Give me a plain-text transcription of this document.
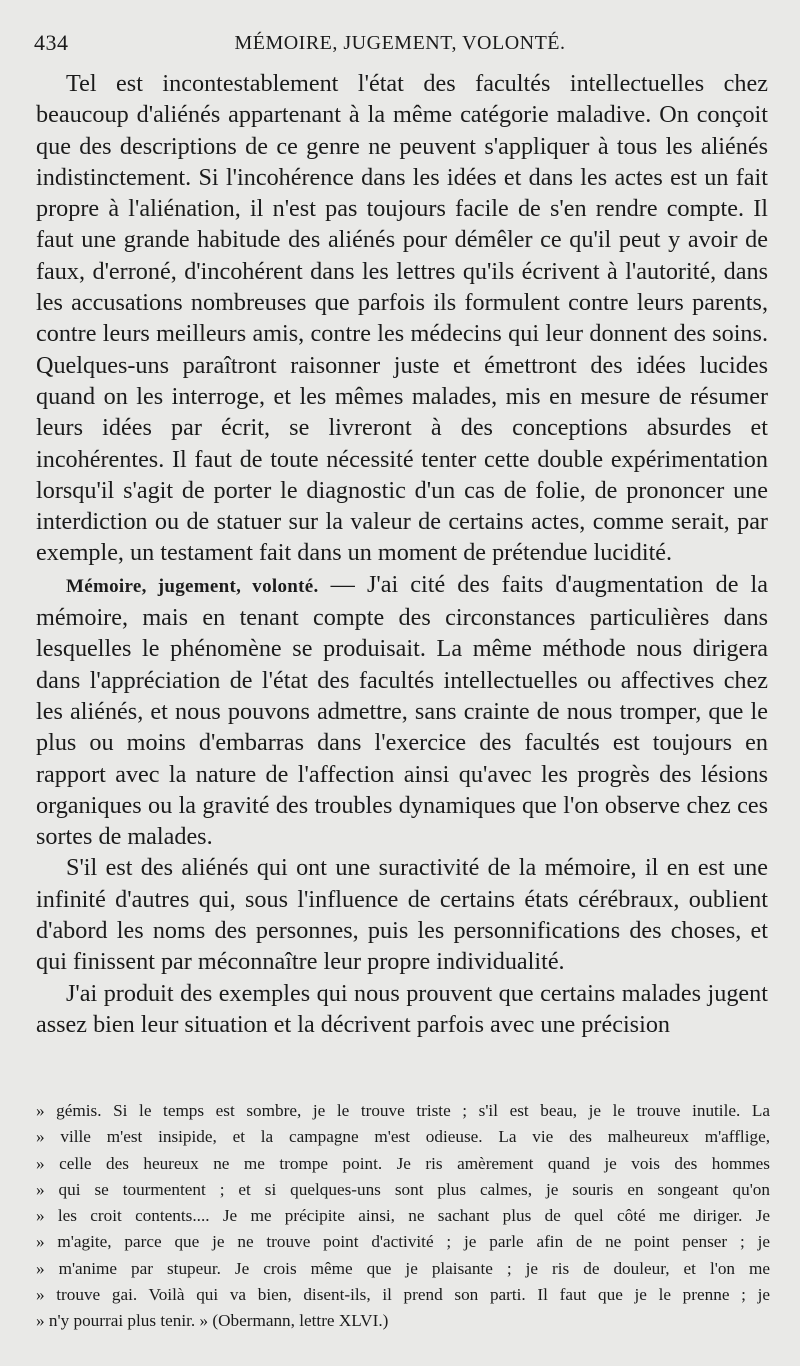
434	MÉMOIRE, JUGEMENT, VOLONTÉ.

Tel est incontestablement l'état des facultés intellectuelles chez beaucoup d'aliénés appartenant à la même catégorie maladive. On conçoit que des descriptions de ce genre ne peuvent s'appliquer à tous les aliénés indistinctement. Si l'incohérence dans les idées et dans les actes est un fait propre à l'aliénation, il n'est pas toujours facile de s'en rendre compte. Il faut une grande habitude des aliénés pour démêler ce qu'il peut y avoir de faux, d'erroné, d'incohérent dans les lettres qu'ils écrivent à l'autorité, dans les accusations nombreuses que parfois ils formulent contre leurs parents, contre leurs meilleurs amis, contre les médecins qui leur donnent des soins. Quelques-uns paraîtront raisonner juste et émettront des idées lucides quand on les interroge, et les mêmes malades, mis en mesure de résumer leurs idées par écrit, se livreront à des conceptions absurdes et incohérentes. Il faut de toute nécessité tenter cette double expérimentation lorsqu'il s'agit de porter le diagnostic d'un cas de folie, de prononcer une interdiction ou de statuer sur la valeur de certains actes, comme serait, par exemple, un testament fait dans un moment de prétendue lucidité.

Mémoire, jugement, volonté. — J'ai cité des faits d'augmentation de la mémoire, mais en tenant compte des circonstances particulières dans lesquelles le phénomène se produisait. La même méthode nous dirigera dans l'appréciation de l'état des facultés intellectuelles ou affectives chez les aliénés, et nous pouvons admettre, sans crainte de nous tromper, que le plus ou moins d'embarras dans l'exercice des facultés est toujours en rapport avec la nature de l'affection ainsi qu'avec les progrès des lésions organiques ou la gravité des troubles dynamiques que l'on observe chez ces sortes de malades.

S'il est des aliénés qui ont une suractivité de la mémoire, il en est une infinité d'autres qui, sous l'influence de certains états cérébraux, oublient d'abord les noms des personnes, puis les personnifications des choses, et qui finissent par méconnaître leur propre individualité.

J'ai produit des exemples qui nous prouvent que certains malades jugent assez bien leur situation et la décrivent parfois avec une précision

» gémis. Si le temps est sombre, je le trouve triste ; s'il est beau, je le trouve inutile. La
» ville m'est insipide, et la campagne m'est odieuse. La vie des malheureux m'afflige,
» celle des heureux ne me trompe point. Je ris amèrement quand je vois des hommes
» qui se tourmentent ; et si quelques-uns sont plus calmes, je souris en songeant qu'on
» les croit contents.... Je me précipite ainsi, ne sachant plus de quel côté me diriger. Je
» m'agite, parce que je ne trouve point d'activité ; je parle afin de ne point penser ; je
» m'anime par stupeur. Je crois même que je plaisante ; je ris de douleur, et l'on me
» trouve gai. Voilà qui va bien, disent-ils, il prend son parti. Il faut que je le prenne ; je
» n'y pourrai plus tenir. » (Obermann, lettre XLVI.)
